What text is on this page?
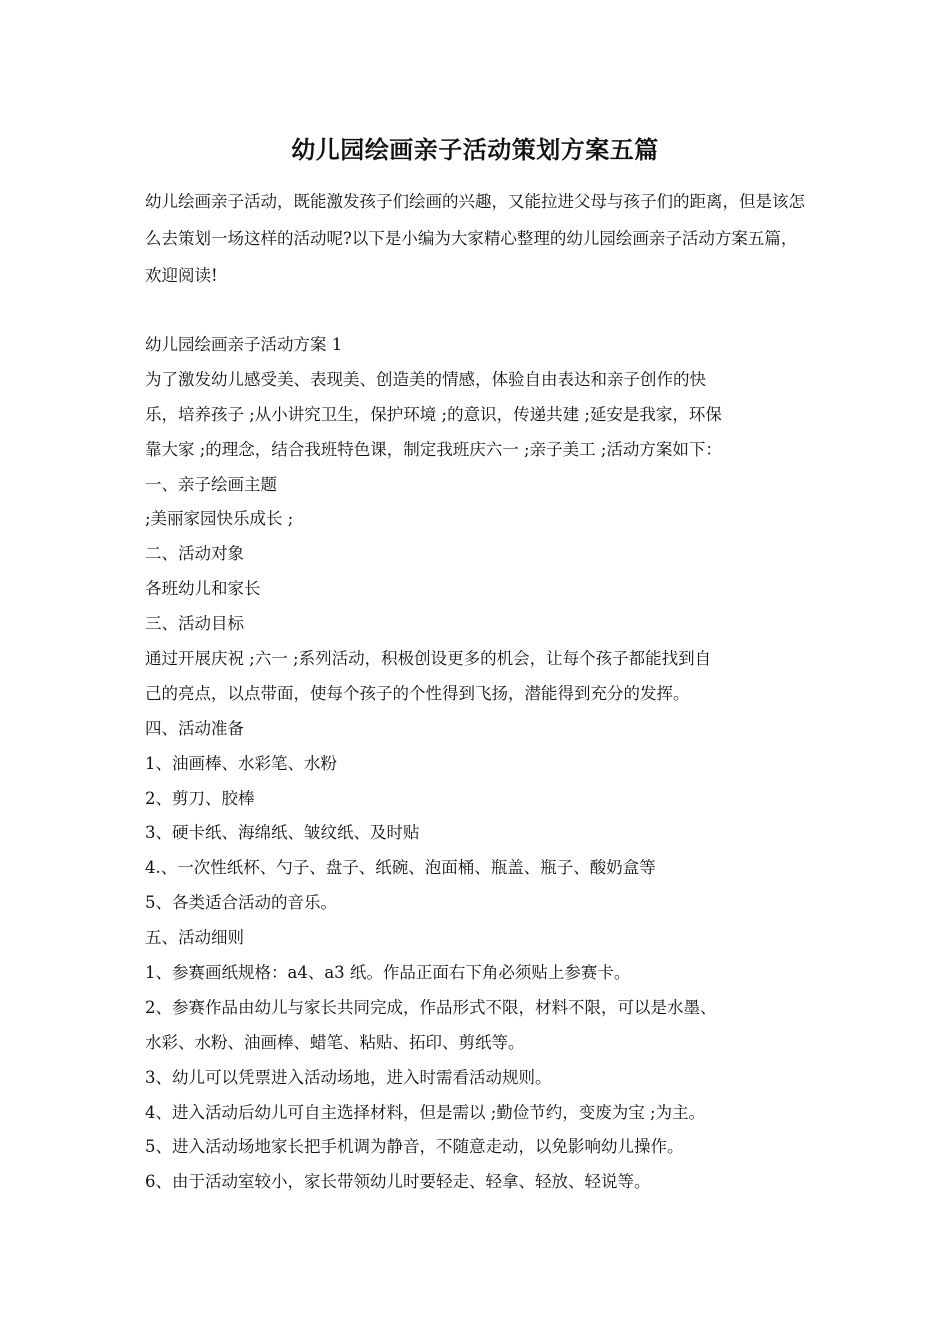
幼儿园绘画亲子活动策划方案五篇

幼儿绘画亲子活动，既能激发孩子们绘画的兴趣，又能拉进父母与孩子们的距离，但是该怎么去策划一场这样的活动呢?以下是小编为大家精心整理的幼儿园绘画亲子活动方案五篇，欢迎阅读!

幼儿园绘画亲子活动方案 1
为了激发幼儿感受美、表现美、创造美的情感，体验自由表达和亲子创作的快
乐，培养孩子 ;从小讲究卫生，保护环境 ;的意识，传递共建 ;延安是我家，环保
靠大家 ;的理念，结合我班特色课，制定我班庆六一 ;亲子美工 ;活动方案如下：
一、亲子绘画主题
;美丽家园快乐成长 ;
二、活动对象
各班幼儿和家长
三、活动目标
通过开展庆祝 ;六一 ;系列活动，积极创设更多的机会，让每个孩子都能找到自
己的亮点，以点带面，使每个孩子的个性得到飞扬，潜能得到充分的发挥。
四、活动准备
1、油画棒、水彩笔、水粉
2、剪刀、胶棒
3、硬卡纸、海绵纸、皱纹纸、及时贴
4.、一次性纸杯、勺子、盘子、纸碗、泡面桶、瓶盖、瓶子、酸奶盒等
5、各类适合活动的音乐。
五、活动细则
1、参赛画纸规格：a4、a3 纸。作品正面右下角必须贴上参赛卡。
2、参赛作品由幼儿与家长共同完成，作品形式不限，材料不限，可以是水墨、
水彩、水粉、油画棒、蜡笔、粘贴、拓印、剪纸等。
3、幼儿可以凭票进入活动场地，进入时需看活动规则。
4、进入活动后幼儿可自主选择材料，但是需以 ;勤俭节约，变废为宝 ;为主。
5、进入活动场地家长把手机调为静音，不随意走动，以免影响幼儿操作。
6、由于活动室较小，家长带领幼儿时要轻走、轻拿、轻放、轻说等。
